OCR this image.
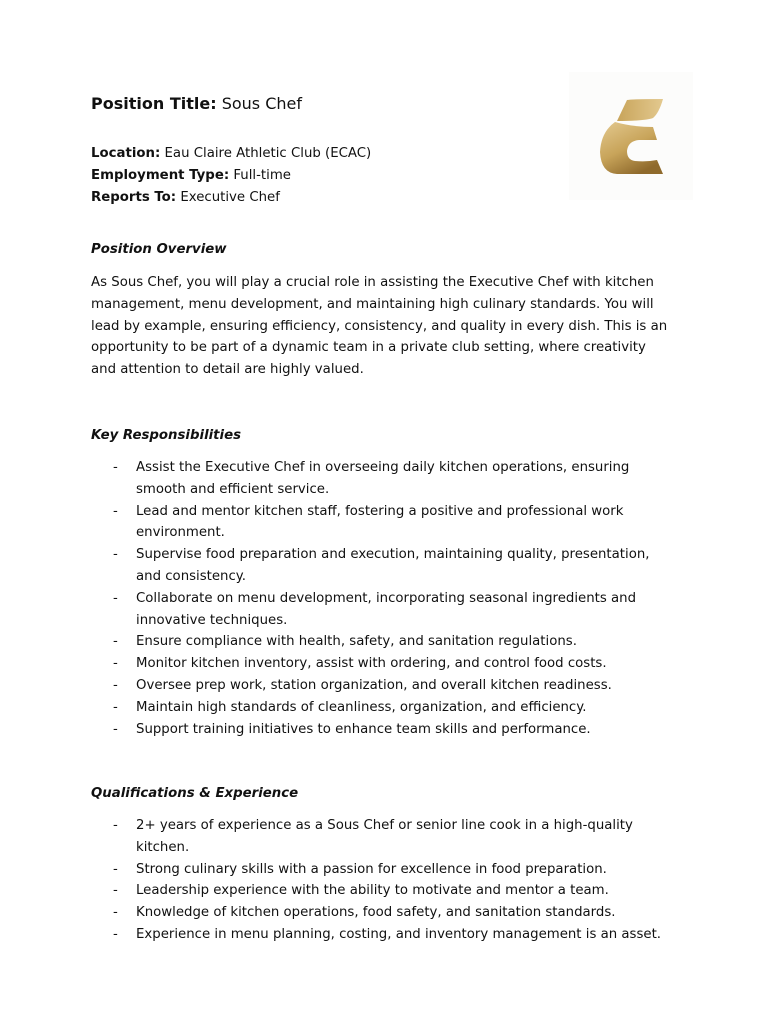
Position Title: Sous Chef
Location: Eau Claire Athletic Club (ECAC)
Employment Type: Full-time
Reports To: Executive Chef
Position Overview
As Sous Chef, you will play a crucial role in assisting the Executive Chef with kitchen management, menu development, and maintaining high culinary standards. You will lead by example, ensuring efficiency, consistency, and quality in every dish. This is an opportunity to be part of a dynamic team in a private club setting, where creativity and attention to detail are highly valued.
Key Responsibilities
- Assist the Executive Chef in overseeing daily kitchen operations, ensuring smooth and efficient service.
- Lead and mentor kitchen staff, fostering a positive and professional work environment.
- Supervise food preparation and execution, maintaining quality, presentation, and consistency.
- Collaborate on menu development, incorporating seasonal ingredients and innovative techniques.
- Ensure compliance with health, safety, and sanitation regulations.
- Monitor kitchen inventory, assist with ordering, and control food costs.
- Oversee prep work, station organization, and overall kitchen readiness.
- Maintain high standards of cleanliness, organization, and efficiency.
- Support training initiatives to enhance team skills and performance.
Qualifications & Experience
- 2+ years of experience as a Sous Chef or senior line cook in a high-quality kitchen.
- Strong culinary skills with a passion for excellence in food preparation.
- Leadership experience with the ability to motivate and mentor a team.
- Knowledge of kitchen operations, food safety, and sanitation standards.
- Experience in menu planning, costing, and inventory management is an asset.
